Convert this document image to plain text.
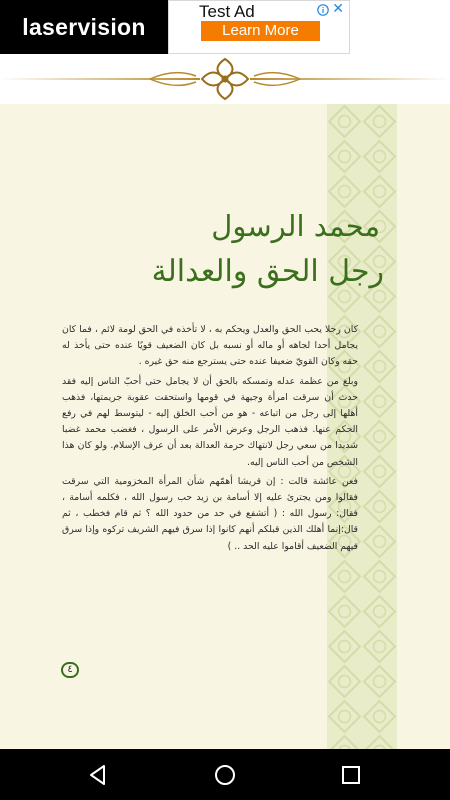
laservision
Test Ad
Learn More
✕
محمد الرسول
رجل الحق والعدالة

كان رجلا يحب الحق والعدل ويحكم به ، لا تأخذه في الحق لومة لائم ، فما كان يجامل أحدا لجاهه أو ماله أو نسبه بل كان الضعيف قويًا عنده حتى يأخذ له حقه وكان القويّ ضعيفا عنده حتى يسترجع منه حق غيره .

وبلغ من عظمة عدله وتمسكه بالحق أن لا يجامل حتى أحبّ الناس إليه فقد حدث أن سرقت امرأة وجيهة في قومها واستحقت عقوبة جريمتها، فذهب أهلها إلى رجل من اتباعه - هو من أحب الخلق إليه - ليتوسط لهم في رفع الحكم عنها. فذهب الرجل وعرض الأمر على الرسول ، فغضب محمد غضبا شديدا من سعي رجل لانتهاك حرمة العدالة بعد أن عرف الإسلام. ولو كان هذا الشخص من أحب الناس إليه.

فعن عائشة قالت : إن قريشا أهمّهم شأن المرأة المخزومية التي سرقت فقالوا ومن يجترئ عليه إلا أسامة بن زيد حب رسول الله ، فكلمه أسامة ، فقال: رسول الله : ( أتشفع في حد من حدود الله ؟ ثم قام فخطب ، ثم قال:إنما أهلك الذين قبلكم أنهم كانوا إذا سرق فيهم الشريف تركوه وإذا سرق فيهم الضعيف أقاموا عليه الحد .. )

٤
